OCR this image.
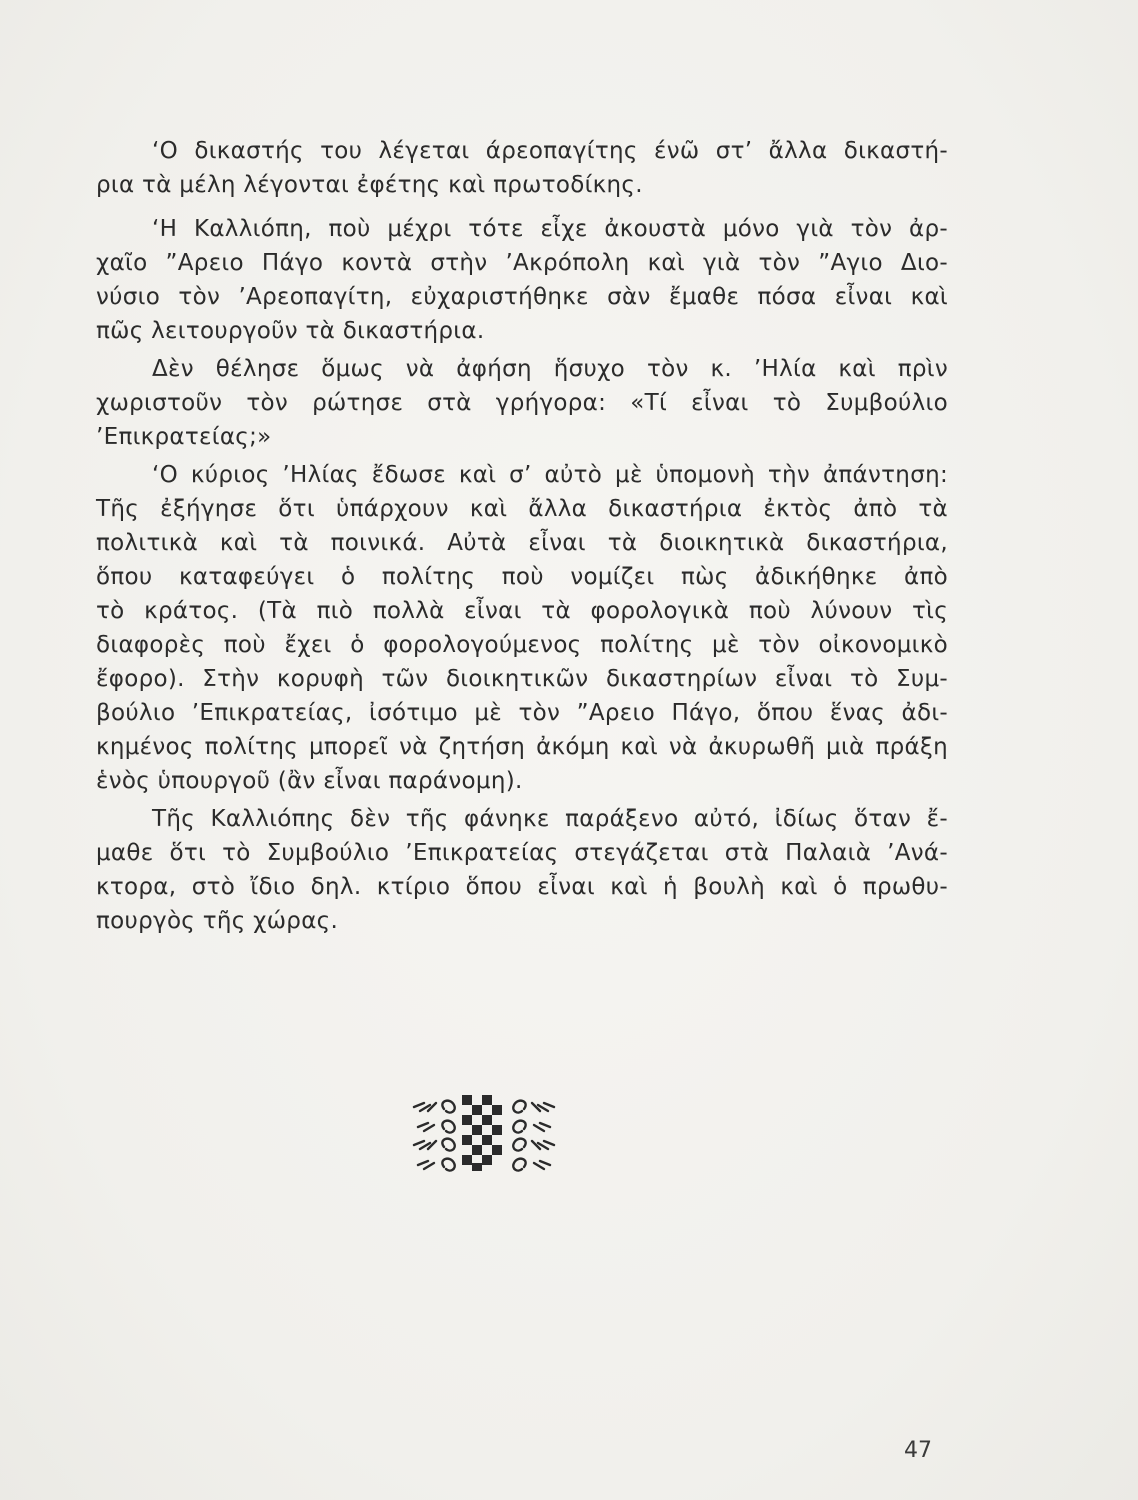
‘Ο δικαστής του λέγεται άρεοπαγίτης ένῶ στ’ ἄλλα δικαστή-
ρια τὰ μέλη λέγονται ἐφέτης καὶ πρωτοδίκης.
‘Η Καλλιόπη, ποὺ μέχρι τότε εἶχε ἀκουστὰ μόνο γιὰ τὸν ἀρ-
χαῖο ”Αρειο Πάγο κοντὰ στὴν ’Ακρόπολη καὶ γιὰ τὸν ”Αγιο Διο-
νύσιο τὸν ’Αρεοπαγίτη, εὐχαριστήθηκε σὰν ἔμαθε πόσα εἶναι καὶ
πῶς λειτουργοῦν τὰ δικαστήρια.
Δὲν θέλησε ὅμως νὰ ἀφήση ἥσυχο τὸν κ. ’Ηλία καὶ πρὶν
χωριστοῦν τὸν ρώτησε στὰ γρήγορα: «Τί εἶναι τὸ Συμβούλιο
’Επικρατείας;»
‘Ο κύριος ’Ηλίας ἔδωσε καὶ σ’ αὐτὸ μὲ ὑπομονὴ τὴν ἀπάντηση:
Τῆς ἐξήγησε ὅτι ὑπάρχουν καὶ ἄλλα δικαστήρια ἐκτὸς ἀπὸ τὰ
πολιτικὰ καὶ τὰ ποινικά. Αὐτὰ εἶναι τὰ διοικητικὰ δικαστήρια,
ὅπου καταφεύγει ὁ πολίτης ποὺ νομίζει πὼς ἀδικήθηκε ἀπὸ
τὸ κράτος. (Τὰ πιὸ πολλὰ εἶναι τὰ φορολογικὰ ποὺ λύνουν τὶς
διαφορὲς ποὺ ἔχει ὁ φορολογούμενος πολίτης μὲ τὸν οἰκονομικὸ
ἔφορο). Στὴν κορυφὴ τῶν διοικητικῶν δικαστηρίων εἶναι τὸ Συμ-
βούλιο ’Επικρατείας, ἰσότιμο μὲ τὸν ”Αρειο Πάγο, ὅπου ἕνας ἀδι-
κημένος πολίτης μπορεῖ νὰ ζητήση ἀκόμη καὶ νὰ ἀκυρωθῆ μιὰ πράξη
ἑνὸς ὑπουργοῦ (ἂν εἶναι παράνομη).
Τῆς Καλλιόπης δὲν τῆς φάνηκε παράξενο αὐτό, ἰδίως ὅταν ἔ-
μαθε ὅτι τὸ Συμβούλιο ’Επικρατείας στεγάζεται στὰ Παλαιὰ ’Ανά-
κτορα, στὸ ἴδιο δηλ. κτίριο ὅπου εἶναι καὶ ἡ βουλὴ καὶ ὁ πρωθυ-
πουργὸς τῆς χώρας.
47
